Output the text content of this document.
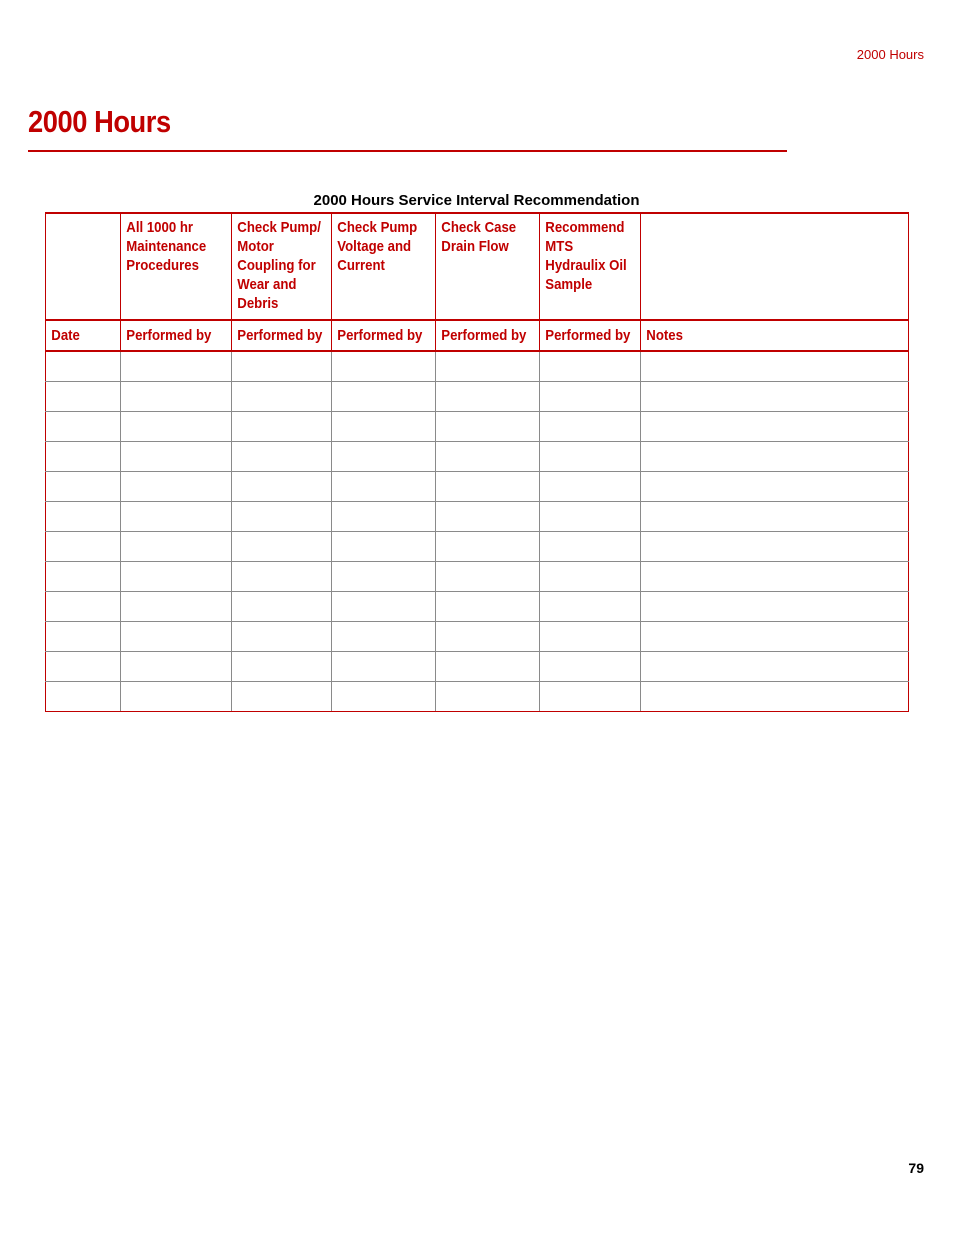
2000 Hours
2000 Hours
2000 Hours Service Interval Recommendation

	All 1000 hr Maintenance Procedures	Check Pump/ Motor Coupling for Wear and Debris	Check Pump Voltage and Current	Check Case Drain Flow	Recommend MTS Hydraulix Oil Sample	

Date	Performed by	Performed by	Performed by	Performed by	Performed by	Notes

79
